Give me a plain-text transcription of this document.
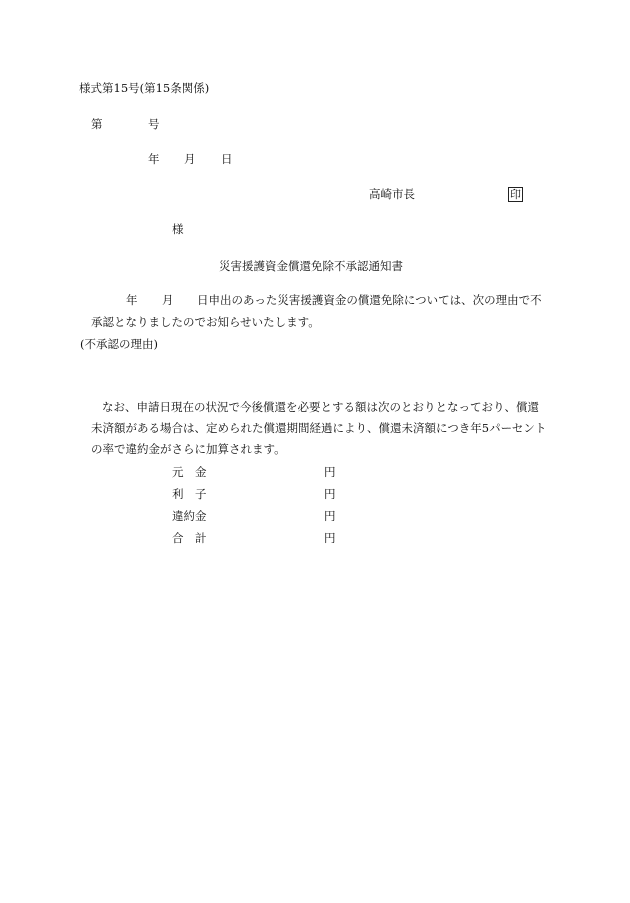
様式第15号(第15条関係)
第	号
年 月 日
高崎市長	印
様
災害援護資金償還免除不承認通知書
年 月 日申出のあった災害援護資金の償還免除については、次の理由で不
承認となりましたのでお知らせいたします。
(不承認の理由)
なお、申請日現在の状況で今後償還を必要とする額は次のとおりとなっており、償還
未済額がある場合は、定められた償還期間経過により、償還未済額につき年5パーセント
の率で違約金がさらに加算されます。
元　金	円
利　子	円
違約金	円
合　計	円
